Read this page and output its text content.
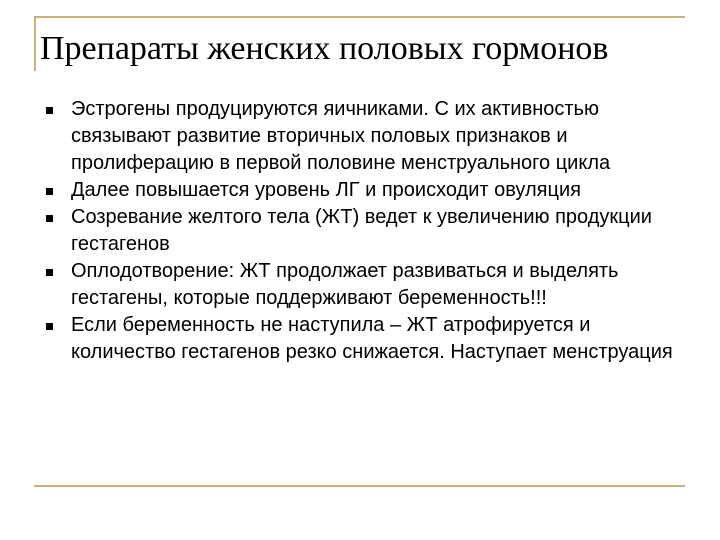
Препараты женских половых гормонов
Эстрогены продуцируются яичниками. С их активностью связывают развитие вторичных половых признаков и пролиферацию в первой половине менструального цикла
Далее повышается уровень ЛГ и происходит овуляция
Созревание желтого тела (ЖТ) ведет к увеличению продукции гестагенов
Оплодотворение: ЖТ продолжает развиваться и выделять гестагены, которые поддерживают беременность!!!
Если беременность не наступила – ЖТ атрофируется и количество гестагенов резко снижается. Наступает менструация
